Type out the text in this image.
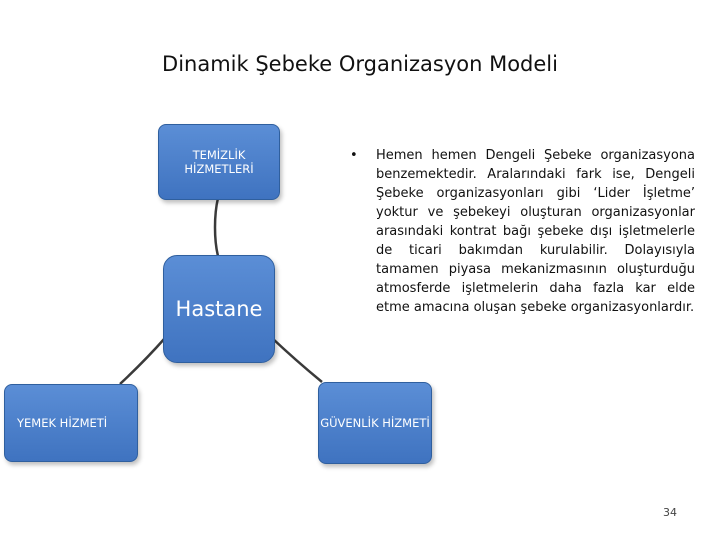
Dinamik Şebeke Organizasyon Modeli
TEMİZLİK HİZMETLERİ
Hastane
YEMEK HİZMETİ	GÜVENLİK HİZMETİ
• Hemen hemen Dengeli Şebeke organizasyona benzemektedir. Aralarındaki fark ise, Dengeli Şebeke organizasyonları gibi ‘Lider İşletme’ yoktur ve şebekeyi oluşturan organizasyonlar arasındaki kontrat bağı şebeke dışı işletmelerle de ticari bakımdan kurulabilir. Dolayısıyla tamamen piyasa mekanizmasının oluşturduğu atmosferde işletmelerin daha fazla kar elde etme amacına oluşan şebeke organizasyonlardır.
34
